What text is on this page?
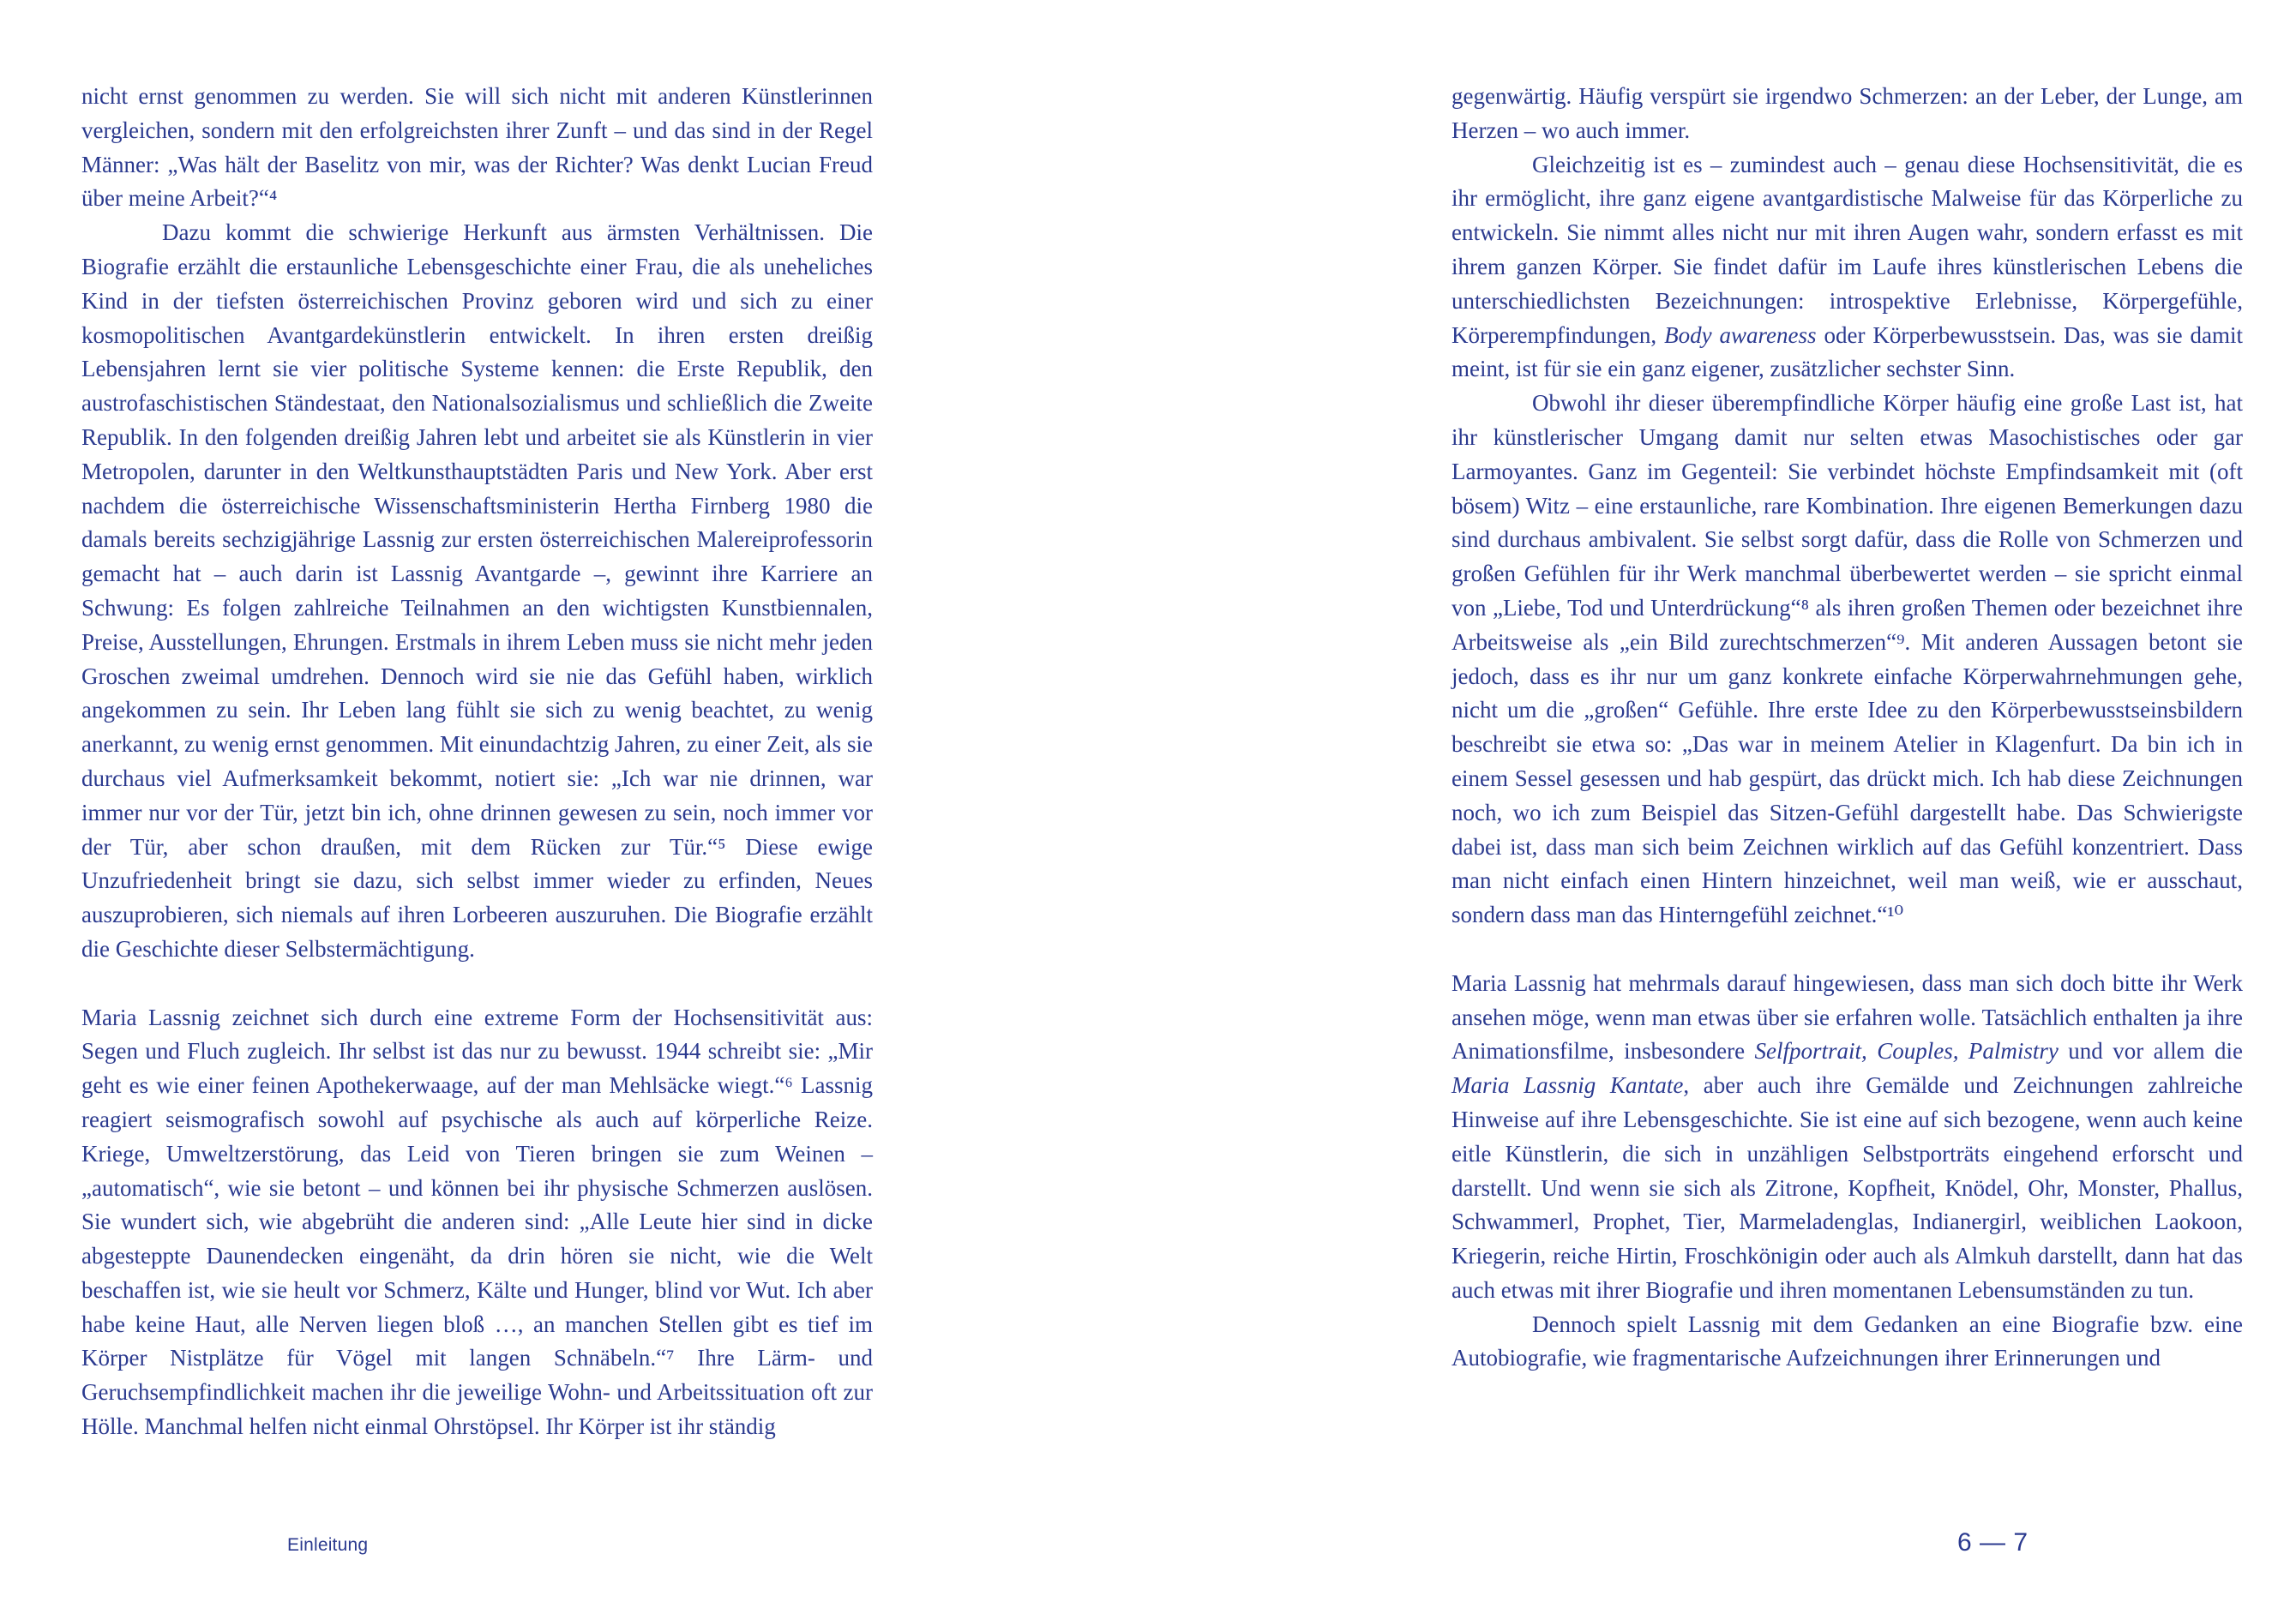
nicht ernst genommen zu werden. Sie will sich nicht mit anderen Künstlerinnen vergleichen, sondern mit den erfolgreichsten ihrer Zunft – und das sind in der Regel Männer: „Was hält der Baselitz von mir, was der Richter? Was denkt Lucian Freud über meine Arbeit?“⁴

Dazu kommt die schwierige Herkunft aus ärmsten Verhältnissen. Die Biografie erzählt die erstaunliche Lebensgeschichte einer Frau, die als uneheliches Kind in der tiefsten österreichischen Provinz geboren wird und sich zu einer kosmopolitischen Avantgardekünstlerin entwickelt. In ihren ersten dreißig Lebensjahren lernt sie vier politische Systeme kennen: die Erste Republik, den austrofaschistischen Ständestaat, den Nationalsozialismus und schließlich die Zweite Republik. In den folgenden dreißig Jahren lebt und arbeitet sie als Künstlerin in vier Metropolen, darunter in den Weltkunsthauptstädten Paris und New York. Aber erst nachdem die österreichische Wissenschaftsministerin Hertha Firnberg 1980 die damals bereits sechzigjährige Lassnig zur ersten österreichischen Malereiprofessorin gemacht hat – auch darin ist Lassnig Avantgarde –, gewinnt ihre Karriere an Schwung: Es folgen zahlreiche Teilnahmen an den wichtigsten Kunstbiennalen, Preise, Ausstellungen, Ehrungen. Erstmals in ihrem Leben muss sie nicht mehr jeden Groschen zweimal umdrehen. Dennoch wird sie nie das Gefühl haben, wirklich angekommen zu sein. Ihr Leben lang fühlt sie sich zu wenig beachtet, zu wenig anerkannt, zu wenig ernst genommen. Mit einundachtzig Jahren, zu einer Zeit, als sie durchaus viel Aufmerksamkeit bekommt, notiert sie: „Ich war nie drinnen, war immer nur vor der Tür, jetzt bin ich, ohne drinnen gewesen zu sein, noch immer vor der Tür, aber schon draußen, mit dem Rücken zur Tür.“⁵ Diese ewige Unzufriedenheit bringt sie dazu, sich selbst immer wieder zu erfinden, Neues auszuprobieren, sich niemals auf ihren Lorbeeren auszuruhen. Die Biografie erzählt die Geschichte dieser Selbstermächtigung.

Maria Lassnig zeichnet sich durch eine extreme Form der Hochsensitivität aus: Segen und Fluch zugleich. Ihr selbst ist das nur zu bewusst. 1944 schreibt sie: „Mir geht es wie einer feinen Apothekerwaage, auf der man Mehlsäcke wiegt.“⁶ Lassnig reagiert seismografisch sowohl auf psychische als auch auf körperliche Reize. Kriege, Umweltzerstörung, das Leid von Tieren bringen sie zum Weinen – „automatisch“, wie sie betont – und können bei ihr physische Schmerzen auslösen. Sie wundert sich, wie abgebrüht die anderen sind: „Alle Leute hier sind in dicke abgesteppte Daunendecken eingenäht, da drin hören sie nicht, wie die Welt beschaffen ist, wie sie heult vor Schmerz, Kälte und Hunger, blind vor Wut. Ich aber habe keine Haut, alle Nerven liegen bloß …, an manchen Stellen gibt es tief im Körper Nistplätze für Vögel mit langen Schnäbeln.“⁷ Ihre Lärm- und Geruchsempfindlichkeit machen ihr die jeweilige Wohn- und Arbeitssituation oft zur Hölle. Manchmal helfen nicht einmal Ohrstöpsel. Ihr Körper ist ihr ständig

Einleitung

gegenwärtig. Häufig verspürt sie irgendwo Schmerzen: an der Leber, der Lunge, am Herzen – wo auch immer.

Gleichzeitig ist es – zumindest auch – genau diese Hochsensitivität, die es ihr ermöglicht, ihre ganz eigene avantgardistische Malweise für das Körperliche zu entwickeln. Sie nimmt alles nicht nur mit ihren Augen wahr, sondern erfasst es mit ihrem ganzen Körper. Sie findet dafür im Laufe ihres künstlerischen Lebens die unterschiedlichsten Bezeichnungen: introspektive Erlebnisse, Körpergefühle, Körperempfindungen, Body awareness oder Körperbewusstsein. Das, was sie damit meint, ist für sie ein ganz eigener, zusätzlicher sechster Sinn.

Obwohl ihr dieser überempfindliche Körper häufig eine große Last ist, hat ihr künstlerischer Umgang damit nur selten etwas Masochistisches oder gar Larmoyantes. Ganz im Gegenteil: Sie verbindet höchste Empfindsamkeit mit (oft bösem) Witz – eine erstaunliche, rare Kombination. Ihre eigenen Bemerkungen dazu sind durchaus ambivalent. Sie selbst sorgt dafür, dass die Rolle von Schmerzen und großen Gefühlen für ihr Werk manchmal überbewertet werden – sie spricht einmal von „Liebe, Tod und Unterdrückung“⁸ als ihren großen Themen oder bezeichnet ihre Arbeitsweise als „ein Bild zurechtschmerzen“⁹. Mit anderen Aussagen betont sie jedoch, dass es ihr nur um ganz konkrete einfache Körperwahrnehmungen gehe, nicht um die „großen“ Gefühle. Ihre erste Idee zu den Körperbewusstseinsbildern beschreibt sie etwa so: „Das war in meinem Atelier in Klagenfurt. Da bin ich in einem Sessel gesessen und hab gespürt, das drückt mich. Ich hab diese Zeichnungen noch, wo ich zum Beispiel das Sitzen-Gefühl dargestellt habe. Das Schwierigste dabei ist, dass man sich beim Zeichnen wirklich auf das Gefühl konzentriert. Dass man nicht einfach einen Hintern hinzeichnet, weil man weiß, wie er ausschaut, sondern dass man das Hinterngefühl zeichnet.“¹⁰

Maria Lassnig hat mehrmals darauf hingewiesen, dass man sich doch bitte ihr Werk ansehen möge, wenn man etwas über sie erfahren wolle. Tatsächlich enthalten ja ihre Animationsfilme, insbesondere Selfportrait, Couples, Palmistry und vor allem die Maria Lassnig Kantate, aber auch ihre Gemälde und Zeichnungen zahlreiche Hinweise auf ihre Lebensgeschichte. Sie ist eine auf sich bezogene, wenn auch keine eitle Künstlerin, die sich in unzähligen Selbstporträts eingehend erforscht und darstellt. Und wenn sie sich als Zitrone, Kopfheit, Knödel, Ohr, Monster, Phallus, Schwammerl, Prophet, Tier, Marmeladenglas, Indianergirl, weiblichen Laokoon, Kriegerin, reiche Hirtin, Froschkönigin oder auch als Almkuh darstellt, dann hat das auch etwas mit ihrer Biografie und ihren momentanen Lebensumständen zu tun.

Dennoch spielt Lassnig mit dem Gedanken an eine Biografie bzw. eine Autobiografie, wie fragmentarische Aufzeichnungen ihrer Erinnerungen und

6 — 7
